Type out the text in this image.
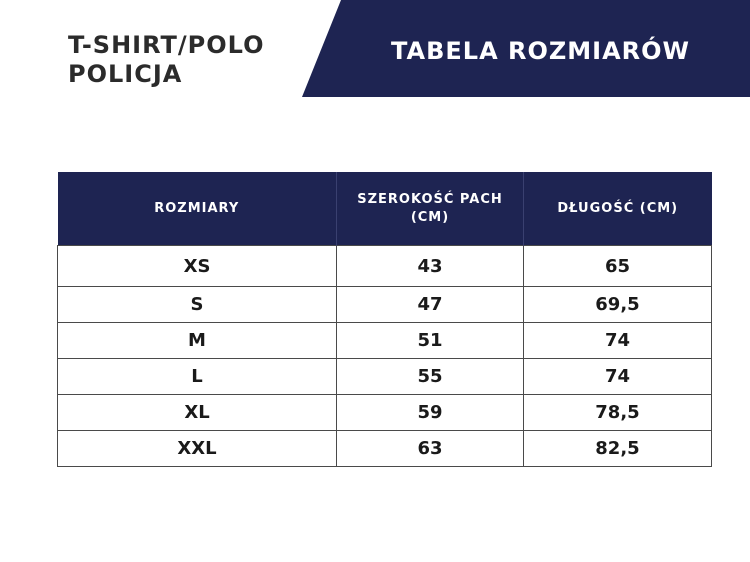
T-SHIRT/POLO
POLICJA
TABELA ROZMIARÓW
ROZMIARY	SZEROKOŚĆ PACH (CM)	DŁUGOŚĆ (CM)
XS	43	65
S	47	69,5
M	51	74
L	55	74
XL	59	78,5
XXL	63	82,5
